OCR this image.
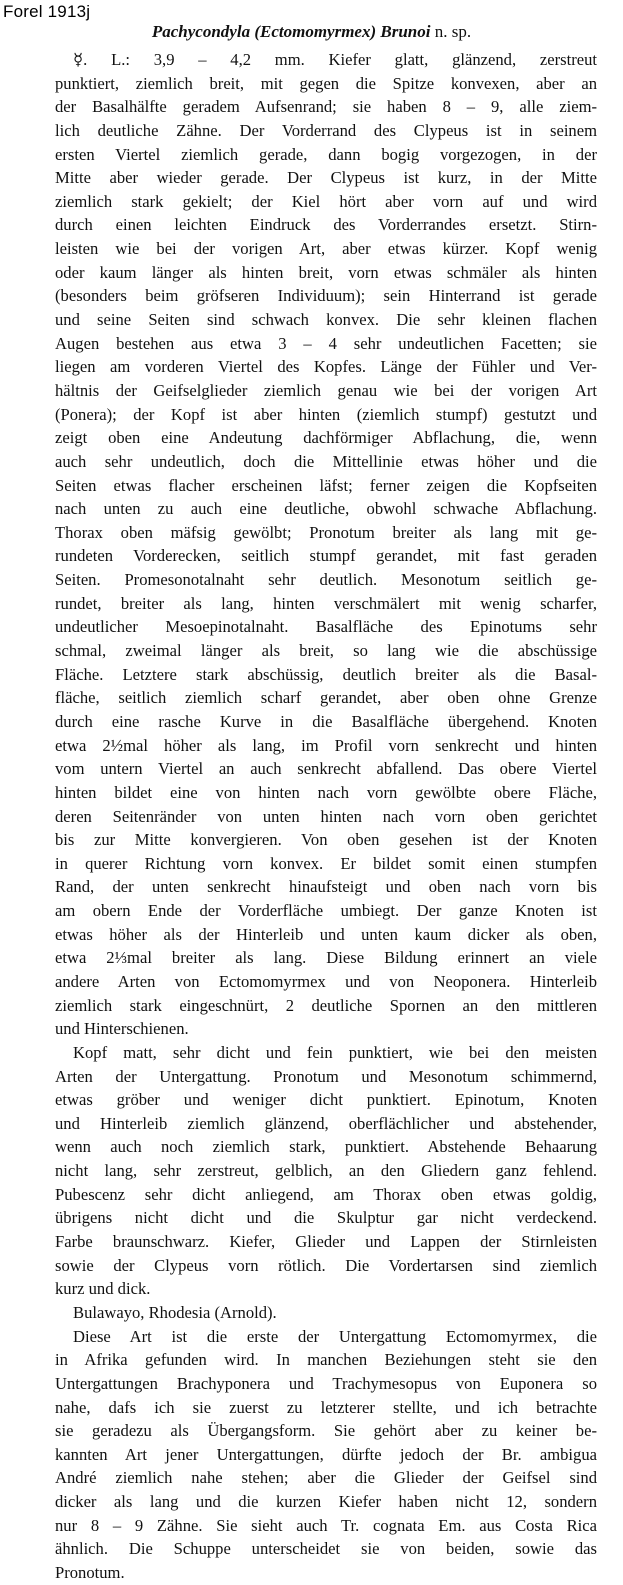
Forel 1913j
Pachycondyla (Ectomomyrmex) Brunoi n. sp.
☿. L.: 3,9 – 4,2 mm. Kiefer glatt, glänzend, zerstreut
punktiert, ziemlich breit, mit gegen die Spitze konvexen, aber an
der Basalhälfte geradem Aufsenrand; sie haben 8 – 9, alle ziem-
lich deutliche Zähne. Der Vorderrand des Clypeus ist in seinem
ersten Viertel ziemlich gerade, dann bogig vorgezogen, in der
Mitte aber wieder gerade. Der Clypeus ist kurz, in der Mitte
ziemlich stark gekielt; der Kiel hört aber vorn auf und wird
durch einen leichten Eindruck des Vorderrandes ersetzt. Stirn-
leisten wie bei der vorigen Art, aber etwas kürzer. Kopf wenig
oder kaum länger als hinten breit, vorn etwas schmäler als hinten
(besonders beim gröfseren Individuum); sein Hinterrand ist gerade
und seine Seiten sind schwach konvex. Die sehr kleinen flachen
Augen bestehen aus etwa 3 – 4 sehr undeutlichen Facetten; sie
liegen am vorderen Viertel des Kopfes. Länge der Fühler und Ver-
hältnis der Geifselglieder ziemlich genau wie bei der vorigen Art
(Ponera); der Kopf ist aber hinten (ziemlich stumpf) gestutzt und
zeigt oben eine Andeutung dachförmiger Abflachung, die, wenn
auch sehr undeutlich, doch die Mittellinie etwas höher und die
Seiten etwas flacher erscheinen läfst; ferner zeigen die Kopfseiten
nach unten zu auch eine deutliche, obwohl schwache Abflachung.
Thorax oben mäfsig gewölbt; Pronotum breiter als lang mit ge-
rundeten Vorderecken, seitlich stumpf gerandet, mit fast geraden
Seiten. Promesonotalnaht sehr deutlich. Mesonotum seitlich ge-
rundet, breiter als lang, hinten verschmälert mit wenig scharfer,
undeutlicher Mesoepinotalnaht. Basalfläche des Epinotums sehr
schmal, zweimal länger als breit, so lang wie die abschüssige
Fläche. Letztere stark abschüssig, deutlich breiter als die Basal-
fläche, seitlich ziemlich scharf gerandet, aber oben ohne Grenze
durch eine rasche Kurve in die Basalfläche übergehend. Knoten
etwa 2½mal höher als lang, im Profil vorn senkrecht und hinten
vom untern Viertel an auch senkrecht abfallend. Das obere Viertel
hinten bildet eine von hinten nach vorn gewölbte obere Fläche,
deren Seitenränder von unten hinten nach vorn oben gerichtet
bis zur Mitte konvergieren. Von oben gesehen ist der Knoten
in querer Richtung vorn konvex. Er bildet somit einen stumpfen
Rand, der unten senkrecht hinaufsteigt und oben nach vorn bis
am obern Ende der Vorderfläche umbiegt. Der ganze Knoten ist
etwas höher als der Hinterleib und unten kaum dicker als oben,
etwa 2⅓mal breiter als lang. Diese Bildung erinnert an viele
andere Arten von Ectomomyrmex und von Neoponera. Hinterleib
ziemlich stark eingeschnürt, 2 deutliche Spornen an den mittleren
und Hinterschienen.
Kopf matt, sehr dicht und fein punktiert, wie bei den meisten
Arten der Untergattung. Pronotum und Mesonotum schimmernd,
etwas gröber und weniger dicht punktiert. Epinotum, Knoten
und Hinterleib ziemlich glänzend, oberflächlicher und abstehender,
wenn auch noch ziemlich stark, punktiert. Abstehende Behaarung
nicht lang, sehr zerstreut, gelblich, an den Gliedern ganz fehlend.
Pubescenz sehr dicht anliegend, am Thorax oben etwas goldig,
übrigens nicht dicht und die Skulptur gar nicht verdeckend.
Farbe braunschwarz. Kiefer, Glieder und Lappen der Stirnleisten
sowie der Clypeus vorn rötlich. Die Vordertarsen sind ziemlich
kurz und dick.
Bulawayo, Rhodesia (Arnold).
Diese Art ist die erste der Untergattung Ectomomyrmex, die
in Afrika gefunden wird. In manchen Beziehungen steht sie den
Untergattungen Brachyponera und Trachymesopus von Euponera so
nahe, dafs ich sie zuerst zu letzterer stellte, und ich betrachte
sie geradezu als Übergangsform. Sie gehört aber zu keiner be-
kannten Art jener Untergattungen, dürfte jedoch der Br. ambigua
André ziemlich nahe stehen; aber die Glieder der Geifsel sind
dicker als lang und die kurzen Kiefer haben nicht 12, sondern
nur 8 – 9 Zähne. Sie sieht auch Tr. cognata Em. aus Costa Rica
ähnlich. Die Schuppe unterscheidet sie von beiden, sowie das
Pronotum.
